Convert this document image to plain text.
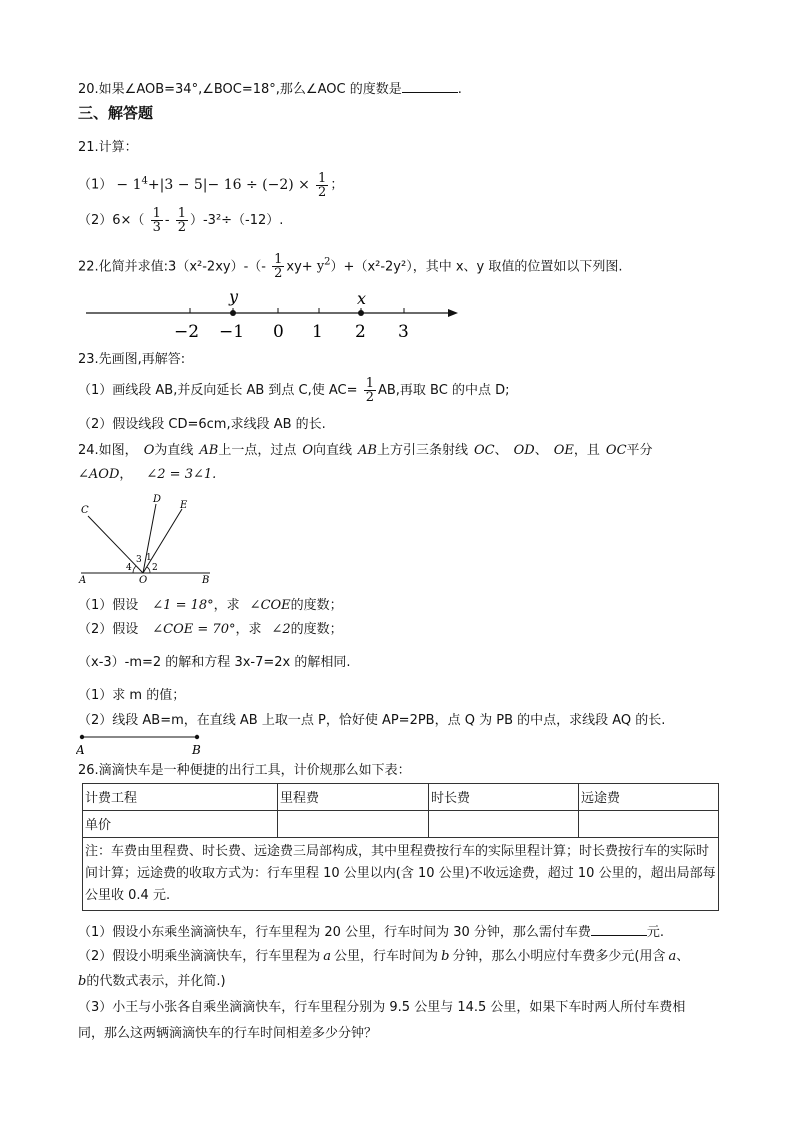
20.如果∠AOB=34°,∠BOC=18°,那么∠AOC 的度数是	.
三、解答题
21.计算：
$(1) - 1^4+|3 - 5|- 16 \div (-2) \times \frac{1}{2}$ ；
$(2)6\times( \frac{1}{3} - \frac{1}{2} )-3^2\div(-12)$.
22.化简并求值:3（x²-2xy）-（- $\frac{1}{2} xy+ y^2)+(x^2-2y^2)$，其中 x、y 取值的位置如以下列图.
y	x
−2 −1 0 1 2 3
23.先画图,再解答:
（1）画线段 AB,并反向延长 AB 到点 C,使 $AC= \frac{1}{2}$ AB,再取 BC 的中点 D;
（2）假设线段 CD=6cm,求线段 AB 的长.
24.如图， O为直线 AB上一点，过点 O向直线 AB上方引三条射线 OC、 OD、 OE，且 OC平分
∠AOD， ∠2 = 3∠1.
C
D
E
A	O	B
1
2
3
4
（1）假设 ∠1 = 18°，求 ∠COE的度数；
（2）假设 ∠COE = 70°，求 ∠2的度数；
（x-3）-m=2 的解和方程 3x-7=2x 的解相同.
（1）求 m 的值；
（2）线段 AB=m，在直线 AB 上取一点 P，恰好使 AP=2PB，点 Q 为 PB 的中点，求线段 AQ 的长.
A	B
26.滴滴快车是一种便捷的出行工具，计价规那么如下表：
计费工程	里程费	时长费	远途费
单价			
注：车费由里程费、时长费、远途费三局部构成，其中里程费按行车的实际里程计算；时长费按行车的实际时间计算；远途费的收取方式为：行车里程 10 公里以内(含 10 公里)不收远途费，超过 10 公里的，超出局部每公里收 0.4 元.			
（1）假设小东乘坐滴滴快车，行车里程为 20 公里，行车时间为 30 分钟，那么需付车费	元.
（2）假设小明乘坐滴滴快车，行车里程为 a 公里，行车时间为 b 分钟，那么小明应付车费多少元(用含 a、
b的代数式表示，并化简.)
（3）小王与小张各自乘坐滴滴快车，行车里程分别为 9.5 公里与 14.5 公里，如果下车时两人所付车费相
同，那么这两辆滴滴快车的行车时间相差多少分钟？
